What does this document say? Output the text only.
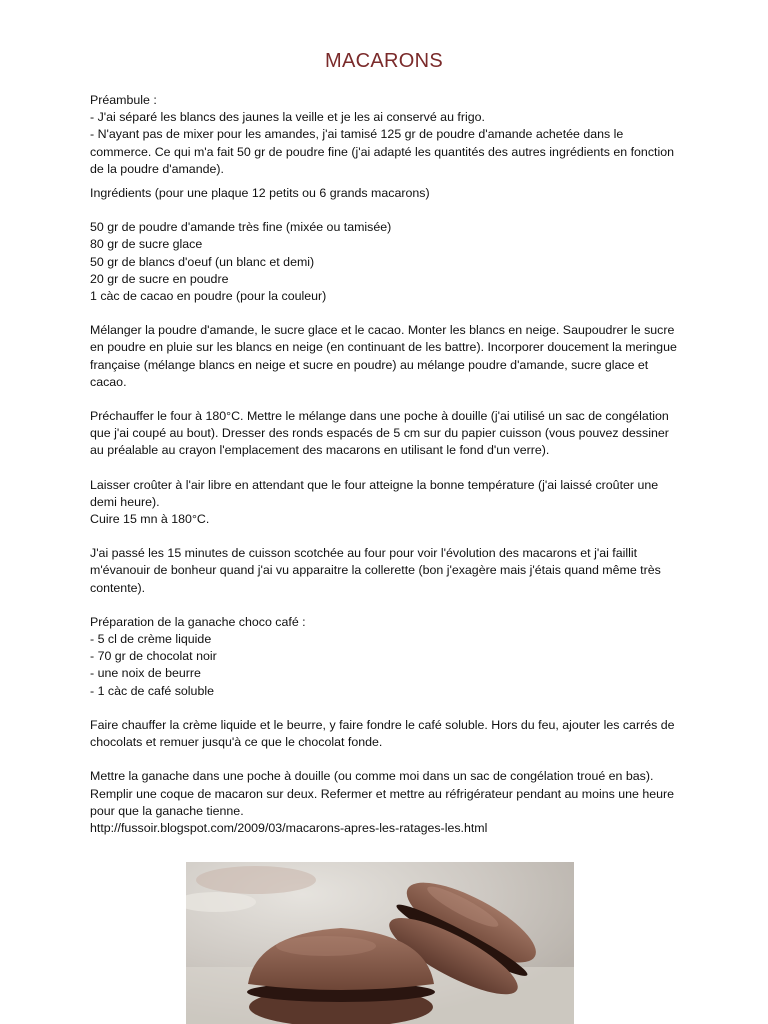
MACARONS

Préambule :

- J'ai séparé les blancs des jaunes la veille et je les ai conservé au frigo.

- N'ayant pas de mixer pour les amandes, j'ai tamisé 125 gr de poudre d'amande achetée dans le commerce. Ce qui m'a fait 50 gr de poudre fine (j'ai adapté les quantités des autres ingrédients en fonction de la poudre d'amande).

Ingrédients (pour une plaque 12 petits ou 6 grands macarons)

50 gr de poudre d'amande très fine (mixée ou tamisée)

80 gr de sucre glace

50 gr de blancs d'oeuf (un blanc et demi)

20 gr de sucre en poudre

1 càc de cacao en poudre (pour la couleur)

Mélanger la poudre d'amande, le sucre glace et le cacao. Monter les blancs en neige. Saupoudrer le sucre en poudre en pluie sur les blancs en neige (en continuant de les battre). Incorporer doucement la meringue française (mélange blancs en neige et sucre en poudre) au mélange poudre d'amande, sucre glace et cacao.

Préchauffer le four à 180°C. Mettre le mélange dans une poche à douille (j'ai utilisé un sac de congélation que j'ai coupé au bout). Dresser des ronds espacés de 5 cm sur du papier cuisson (vous pouvez dessiner au préalable au crayon l'emplacement des macarons en utilisant le fond d'un verre).

Laisser croûter à l'air libre en attendant que le four atteigne la bonne température (j'ai laissé croûter une demi heure).

Cuire 15 mn à 180°C.

J'ai passé les 15 minutes de cuisson scotchée au four pour voir l'évolution des macarons et j'ai faillit m'évanouir de bonheur quand j'ai vu apparaitre la collerette (bon j'exagère mais j'étais quand même très contente).

Préparation de la ganache choco café :

- 5 cl de crème liquide

- 70 gr de chocolat noir

- une noix de beurre

- 1 càc de café soluble

Faire chauffer la crème liquide et le beurre, y faire fondre le café soluble. Hors du feu, ajouter les carrés de chocolats et remuer jusqu'à ce que le chocolat fonde.

Mettre la ganache dans une poche à douille (ou comme moi dans un sac de congélation troué en bas). Remplir une coque de macaron sur deux. Refermer et mettre au réfrigérateur pendant au moins une heure pour que la ganache tienne.

http://fussoir.blogspot.com/2009/03/macarons-apres-les-ratages-les.html
